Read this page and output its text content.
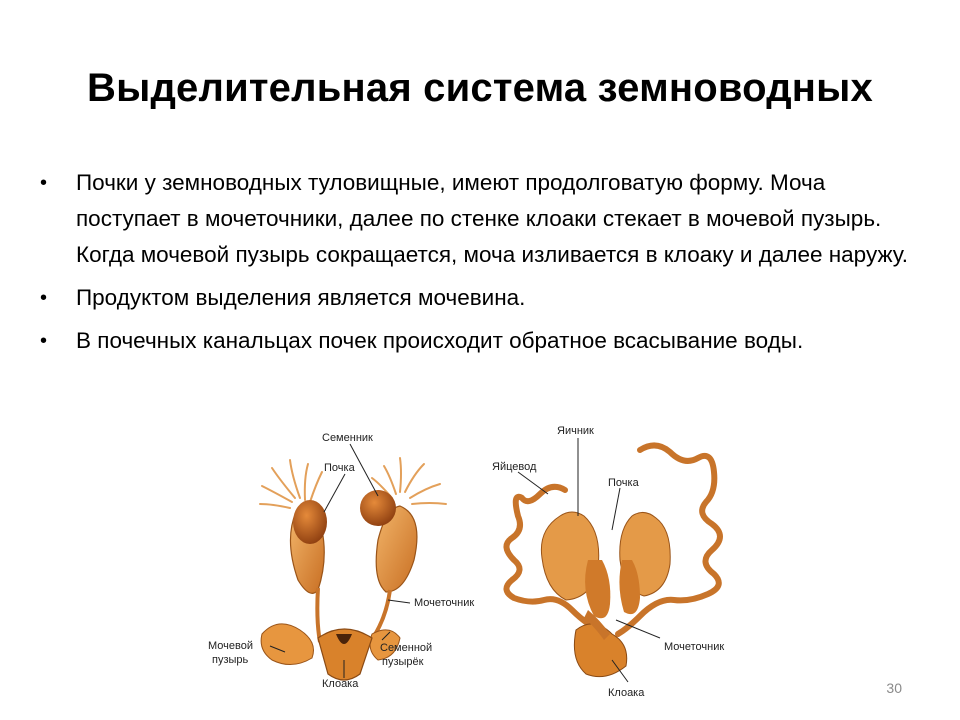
Выделительная система земноводных
• Почки у земноводных туловищные, имеют продолговатую форму. Моча поступает в мочеточники, далее по стенке клоаки стекает в мочевой пузырь. Когда мочевой пузырь сокращается, моча изливается в клоаку и далее наружу.
• Продуктом выделения является мочевина.
• В почечных канальцах почек происходит обратное всасывание воды.
Семенник
Почка
Мочеточник
Мочевой
пузырь
Семенной
пузырёк
Клоака
Яичник
Яйцевод
Почка
Мочеточник
Клоака	30
